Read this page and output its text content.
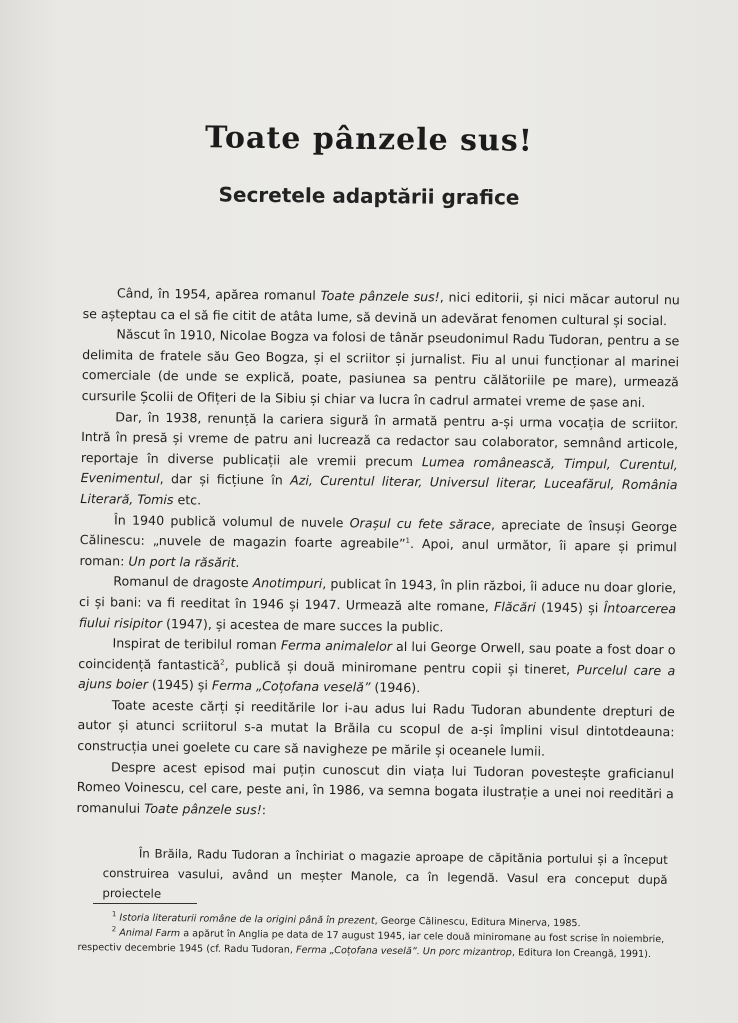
Toate pânzele sus!
Secretele adaptării grafice

Când, în 1954, apărea romanul Toate pânzele sus!, nici editorii, și nici măcar autorul nu se așteptau ca el să fie citit de atâta lume, să devină un adevărat fenomen cultural și social.

Născut în 1910, Nicolae Bogza va folosi de tânăr pseudonimul Radu Tudoran, pentru a se delimita de fratele său Geo Bogza, și el scriitor și jurnalist. Fiu al unui funcționar al marinei comerciale (de unde se explică, poate, pasiunea sa pentru călătoriile pe mare), urmează cursurile Școlii de Ofițeri de la Sibiu și chiar va lucra în cadrul armatei vreme de șase ani.

Dar, în 1938, renunță la cariera sigură în armată pentru a-și urma vocația de scriitor. Intră în presă și vreme de patru ani lucrează ca redactor sau colaborator, semnând articole, reportaje în diverse publicații ale vremii precum Lumea românească, Timpul, Curentul, Evenimentul, dar și ficțiune în Azi, Curentul literar, Universul literar, Luceafărul, România Literară, Tomis etc.

În 1940 publică volumul de nuvele Orașul cu fete sărace, apreciate de însuși George Călinescu: „nuvele de magazin foarte agreabile”$^1$. Apoi, anul următor, îi apare și primul roman: Un port la răsărit.

Romanul de dragoste Anotimpuri, publicat în 1943, în plin război, îi aduce nu doar glorie, ci și bani: va fi reeditat în 1946 și 1947. Urmează alte romane, Flăcări (1945) și Întoarcerea fiului risipitor (1947), și acestea de mare succes la public.

Inspirat de teribilul roman Ferma animalelor al lui George Orwell, sau poate a fost doar o coincidență fantastică$^2$, publică și două miniromane pentru copii și tineret, Purcelul care a ajuns boier (1945) și Ferma „Coțofana veselă” (1946).

Toate aceste cărți și reeditările lor i-au adus lui Radu Tudoran abundente drepturi de autor și atunci scriitorul s-a mutat la Brăila cu scopul de a-și împlini visul dintotdeauna: construcția unei goelete cu care să navigheze pe mările și oceanele lumii.

Despre acest episod mai puțin cunoscut din viața lui Tudoran povestește graficianul Romeo Voinescu, cel care, peste ani, în 1986, va semna bogata ilustrație a unei noi reeditări a romanului Toate pânzele sus!:

În Brăila, Radu Tudoran a închiriat o magazie aproape de căpitănia portului și a început construirea vasului, având un meșter Manole, ca în legendă. Vasul era conceput după proiectele

$^1$ Istoria literaturii române de la origini până în prezent, George Călinescu, Editura Minerva, 1985.

$^2$ Animal Farm a apărut în Anglia pe data de 17 august 1945, iar cele două miniromane au fost scrise în noiembrie, respectiv decembrie 1945 (cf. Radu Tudoran, Ferma „Coțofana veselă”. Un porc mizantrop, Editura Ion Creangă, 1991).
